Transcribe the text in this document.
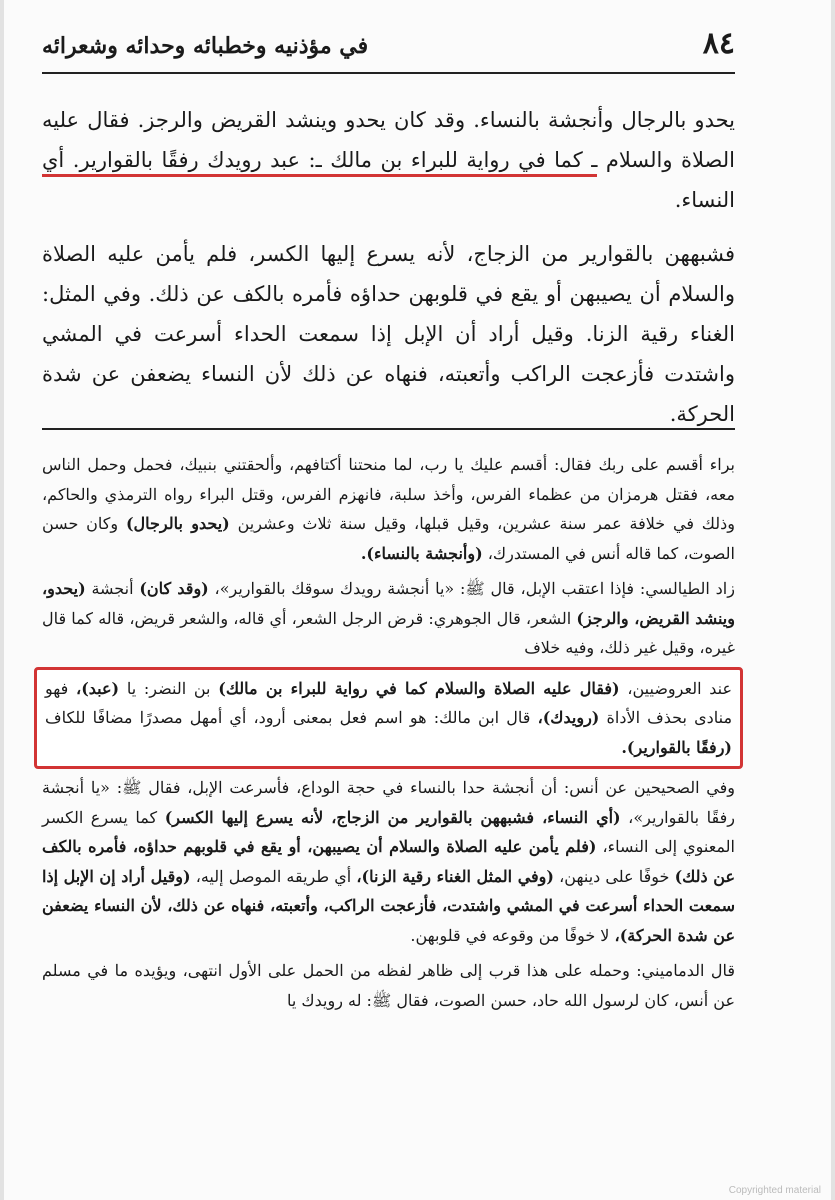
٨٤
في مؤذنيه وخطبائه وحدائه وشعرائه

يحدو بالرجال وأنجشة بالنساء. وقد كان يحدو وينشد القريض والرجز. فقال عليه الصلاة والسلام ـ كما في رواية للبراء بن مالك ـ: عبد رويدك رفقًا بالقوارير. أي النساء.

فشبههن بالقوارير من الزجاج، لأنه يسرع إليها الكسر، فلم يأمن عليه الصلاة والسلام أن يصيبهن أو يقع في قلوبهن حداؤه فأمره بالكف عن ذلك. وفي المثل: الغناء رقية الزنا. وقيل أراد أن الإبل إذا سمعت الحداء أسرعت في المشي واشتدت فأزعجت الراكب وأتعبته، فنهاه عن ذلك لأن النساء يضعفن عن شدة الحركة.

براء أقسم على ربك فقال: أقسم عليك يا رب، لما منحتنا أكتافهم، وألحقتني بنبيك، فحمل وحمل الناس معه، فقتل هرمزان من عظماء الفرس، وأخذ سلبة، فانهزم الفرس، وقتل البراء رواه الترمذي والحاكم، وذلك في خلافة عمر سنة عشرين، وقيل قبلها، وقيل سنة ثلاث وعشرين (يحدو بالرجال) وكان حسن الصوت، كما قاله أنس في المستدرك، (وأنجشة بالنساء).

زاد الطيالسي: فإذا اعتقب الإبل، قال ﷺ: «يا أنجشة رويدك سوقك بالقوارير»، (وقد كان) أنجشة (يحدو، وينشد القريض، والرجز) الشعر، قال الجوهري: قرض الرجل الشعر، أي قاله، والشعر قريض، قاله كما قال غيره، وقيل غير ذلك، وفيه خلاف

عند العروضيين، (فقال عليه الصلاة والسلام كما في رواية للبراء بن مالك) بن النضر: يا (عبد)، فهو منادى بحذف الأداة (رويدك)، قال ابن مالك: هو اسم فعل بمعنى أرود، أي أمهل مصدرًا مضافًا للكاف (رفقًا بالقوارير).

وفي الصحيحين عن أنس: أن أنجشة حدا بالنساء في حجة الوداع، فأسرعت الإبل، فقال ﷺ: «يا أنجشة رفقًا بالقوارير»، (أي النساء، فشبههن بالقوارير من الزجاج، لأنه يسرع إليها الكسر) كما يسرع الكسر المعنوي إلى النساء، (فلم يأمن عليه الصلاة والسلام أن يصيبهن، أو يقع في قلوبهم حداؤه، فأمره بالكف عن ذلك) خوفًا على دينهن، (وفي المثل الغناء رقية الزنا)، أي طريقه الموصل إليه، (وقيل أراد إن الإبل إذا سمعت الحداء أسرعت في المشي واشتدت، فأزعجت الراكب، وأتعبته، فنهاه عن ذلك، لأن النساء يضعفن عن شدة الحركة)، لا خوفًا من وقوعه في قلوبهن.

قال الدماميني: وحمله على هذا قرب إلى ظاهر لفظه من الحمل على الأول انتهى، ويؤيده ما في مسلم عن أنس، كان لرسول الله حاد، حسن الصوت، فقال ﷺ: له رويدك يا

Copyrighted material
